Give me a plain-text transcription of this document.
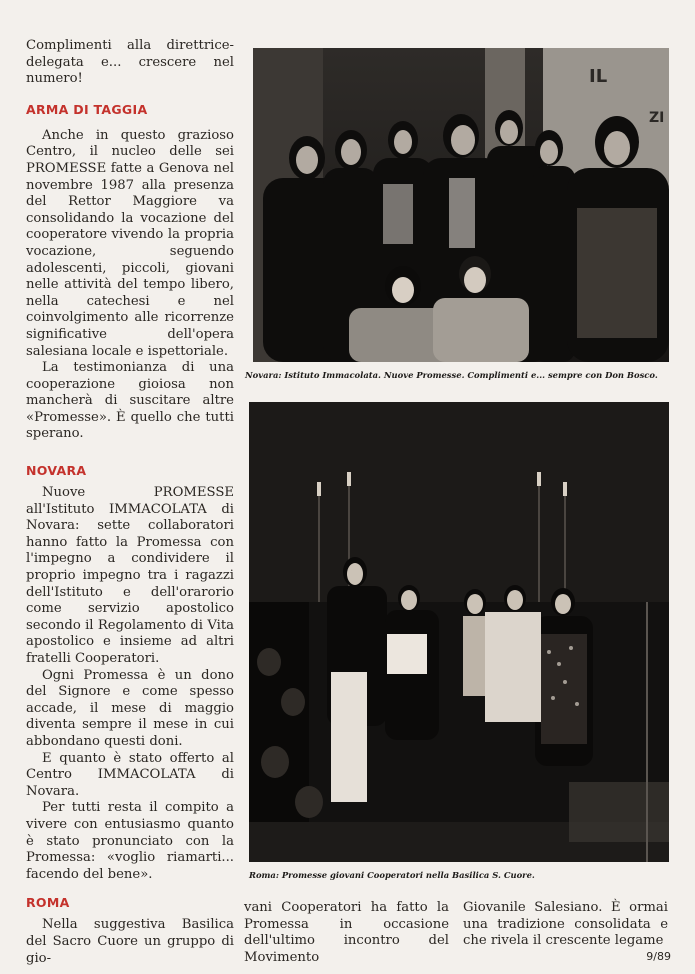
Complimenti alla direttrice-delegata e... crescere nel numero!

ARMA DI TAGGIA

Anche in questo grazioso Centro, il nucleo delle sei PROMESSE fatte a Genova nel novembre 1987 alla presenza del Rettor Maggiore va consolidando la vocazione del cooperatore vivendo la propria vocazione, seguendo adolescenti, piccoli, giovani nelle attività del tempo libero, nella catechesi e nel coinvolgimento alle ricorrenze significative dell'opera salesiana locale e ispettoriale.

La testimonianza di una cooperazione gioiosa non mancherà di suscitare altre «Promesse». È quello che tutti sperano.

NOVARA

Nuove PROMESSE all'Istituto IMMACOLATA di Novara: sette collaboratori hanno fatto la Promessa con l'impegno a condividere il proprio impegno tra i ragazzi dell'Istituto e dell'orarorio come servizio apostolico secondo il Regolamento di Vita apostolico e insieme ad altri fratelli Cooperatori.

Ogni Promessa è un dono del Signore e come spesso accade, il mese di maggio diventa sempre il mese in cui abbondano questi doni.

E quanto è stato offerto al Centro IMMACOLATA di Novara.

Per tutti resta il compito a vivere con entusiasmo quanto è stato pronunciato con la Promessa: «voglio riamarti... facendo del bene».

ROMA

Nella suggestiva Basilica del Sacro Cuore un gruppo di gio-

IL
ZI
Novara: Istituto Immacolata. Nuove Promesse. Complimenti e... sempre con Don Bosco.
Roma: Promesse giovani Cooperatori nella Basilica S. Cuore.

vani Cooperatori ha fatto la Promessa in occasione dell'ultimo incontro del Movimento

Giovanile Salesiano. È ormai una tradizione consolidata e che rivela il crescente legame

9/89
